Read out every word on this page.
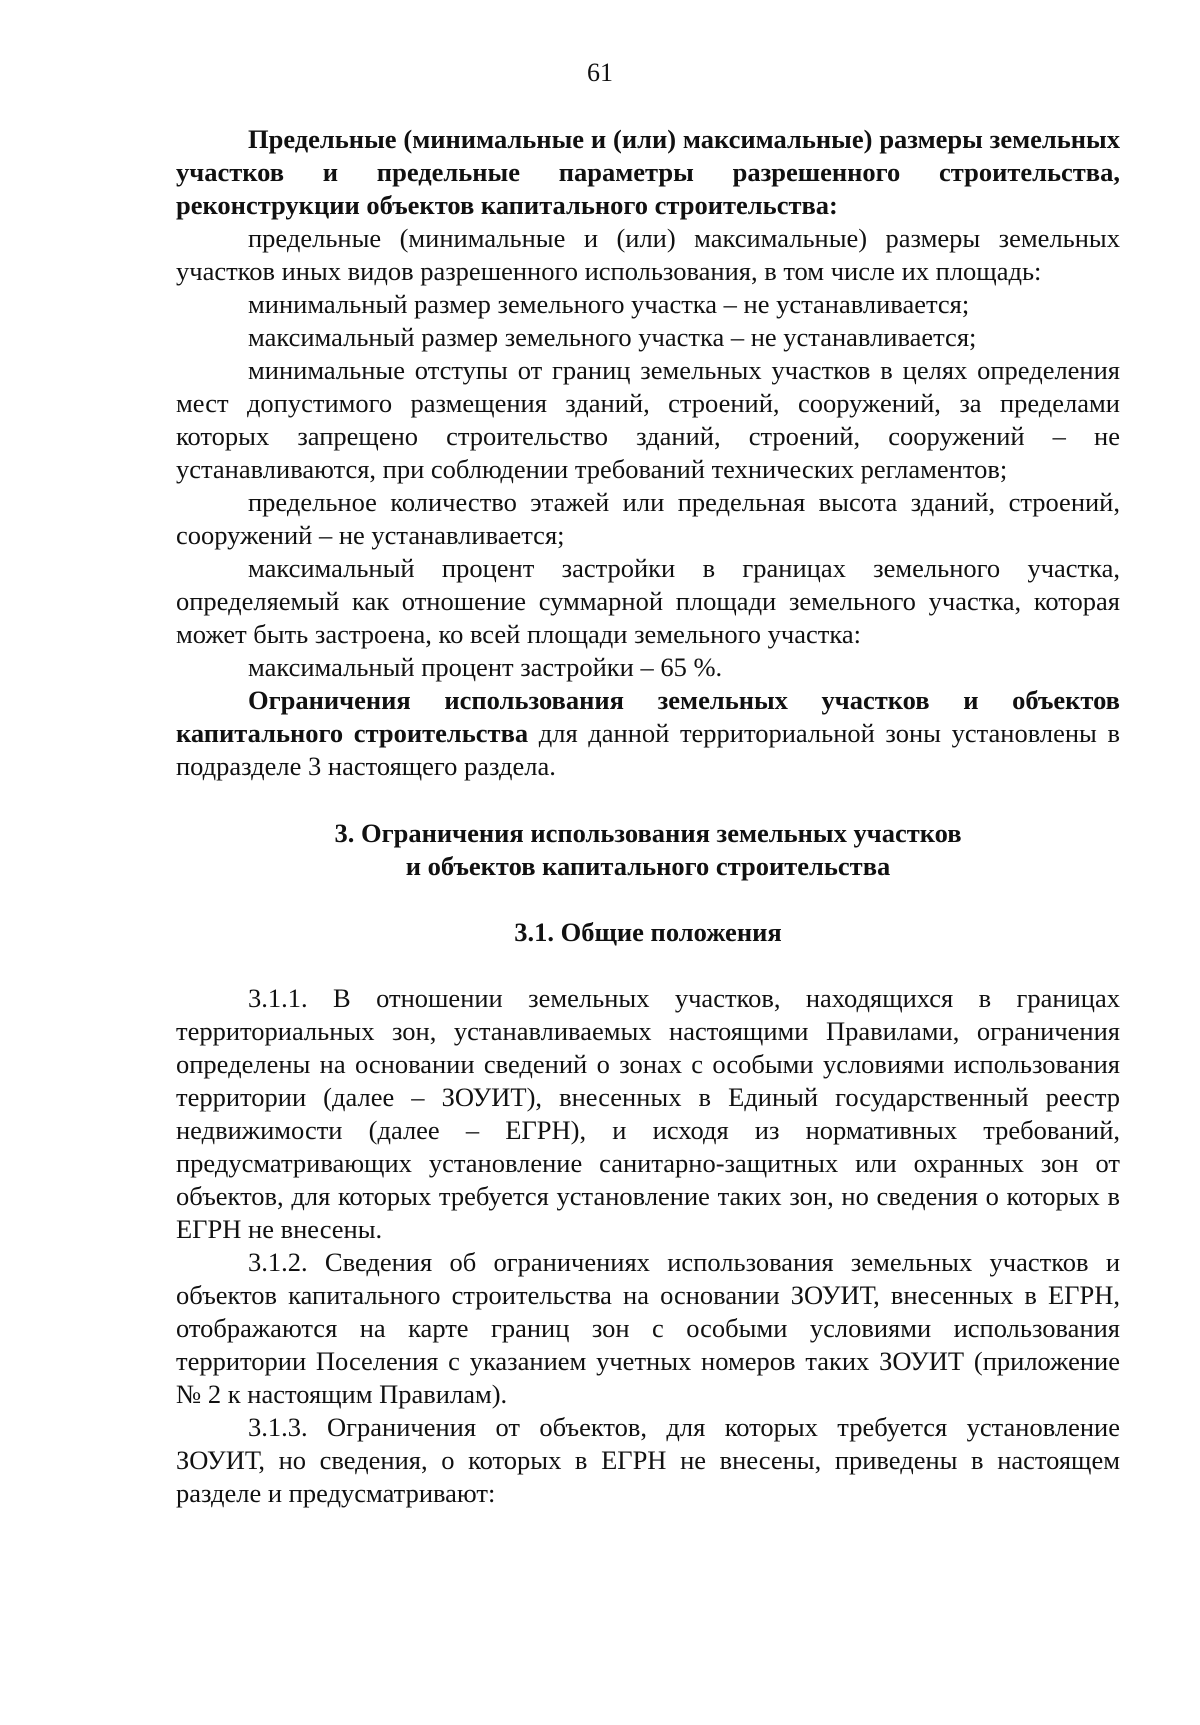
61

Предельные (минимальные и (или) максимальные) размеры земельных участков и предельные параметры разрешенного строительства, реконструкции объектов капитального строительства:

предельные (минимальные и (или) максимальные) размеры земельных участков иных видов разрешенного использования, в том числе их площадь:

минимальный размер земельного участка – не устанавливается;

максимальный размер земельного участка – не устанавливается;

минимальные отступы от границ земельных участков в целях определения мест допустимого размещения зданий, строений, сооружений, за пределами которых запрещено строительство зданий, строений, сооружений – не устанавливаются, при соблюдении требований технических регламентов;

предельное количество этажей или предельная высота зданий, строений, сооружений – не устанавливается;

максимальный процент застройки в границах земельного участка, определяемый как отношение суммарной площади земельного участка, которая может быть застроена, ко всей площади земельного участка:

максимальный процент застройки – 65 %.

Ограничения использования земельных участков и объектов капитального строительства для данной территориальной зоны установлены в подразделе 3 настоящего раздела.

3. Ограничения использования земельных участков
и объектов капитального строительства

3.1. Общие положения

3.1.1. В отношении земельных участков, находящихся в границах территориальных зон, устанавливаемых настоящими Правилами, ограничения определены на основании сведений о зонах с особыми условиями использования территории (далее – ЗОУИТ), внесенных в Единый государственный реестр недвижимости (далее – ЕГРН), и исходя из нормативных требований, предусматривающих установление санитарно-защитных или охранных зон от объектов, для которых требуется установление таких зон, но сведения о которых в ЕГРН не внесены.

3.1.2. Сведения об ограничениях использования земельных участков и объектов капитального строительства на основании ЗОУИТ, внесенных в ЕГРН, отображаются на карте границ зон с особыми условиями использования территории Поселения с указанием учетных номеров таких ЗОУИТ (приложение № 2 к настоящим Правилам).

3.1.3. Ограничения от объектов, для которых требуется установление ЗОУИТ, но сведения, о которых в ЕГРН не внесены, приведены в настоящем разделе и предусматривают:
